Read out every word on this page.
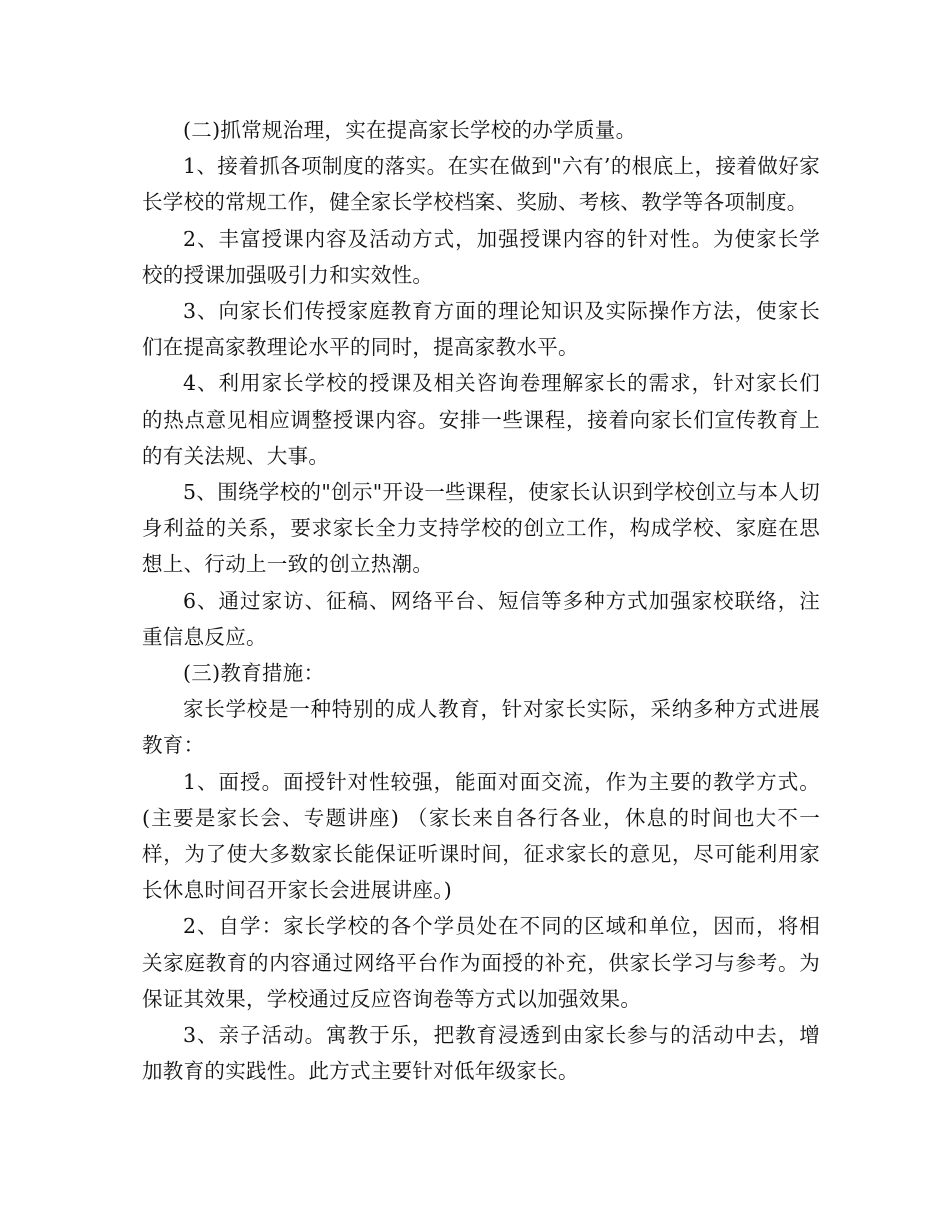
(二)抓常规治理，实在提高家长学校的办学质量。

1、接着抓各项制度的落实。在实在做到"六有’的根底上，接着做好家长学校的常规工作，健全家长学校档案、奖励、考核、教学等各项制度。

2、丰富授课内容及活动方式，加强授课内容的针对性。为使家长学校的授课加强吸引力和实效性。

3、向家长们传授家庭教育方面的理论知识及实际操作方法，使家长们在提高家教理论水平的同时，提高家教水平。

4、利用家长学校的授课及相关咨询卷理解家长的需求，针对家长们的热点意见相应调整授课内容。安排一些课程，接着向家长们宣传教育上的有关法规、大事。

5、围绕学校的"创示"开设一些课程，使家长认识到学校创立与本人切身利益的关系，要求家长全力支持学校的创立工作，构成学校、家庭在思想上、行动上一致的创立热潮。

6、通过家访、征稿、网络平台、短信等多种方式加强家校联络，注重信息反应。

(三)教育措施：

家长学校是一种特别的成人教育，针对家长实际，采纳多种方式进展教育：

1、面授。面授针对性较强，能面对面交流，作为主要的教学方式。(主要是家长会、专题讲座) （家长来自各行各业，休息的时间也大不一样，为了使大多数家长能保证听课时间，征求家长的意见，尽可能利用家长休息时间召开家长会进展讲座。)

2、自学：家长学校的各个学员处在不同的区域和单位，因而，将相关家庭教育的内容通过网络平台作为面授的补充，供家长学习与参考。为保证其效果，学校通过反应咨询卷等方式以加强效果。

3、亲子活动。寓教于乐，把教育浸透到由家长参与的活动中去，增加教育的实践性。此方式主要针对低年级家长。
